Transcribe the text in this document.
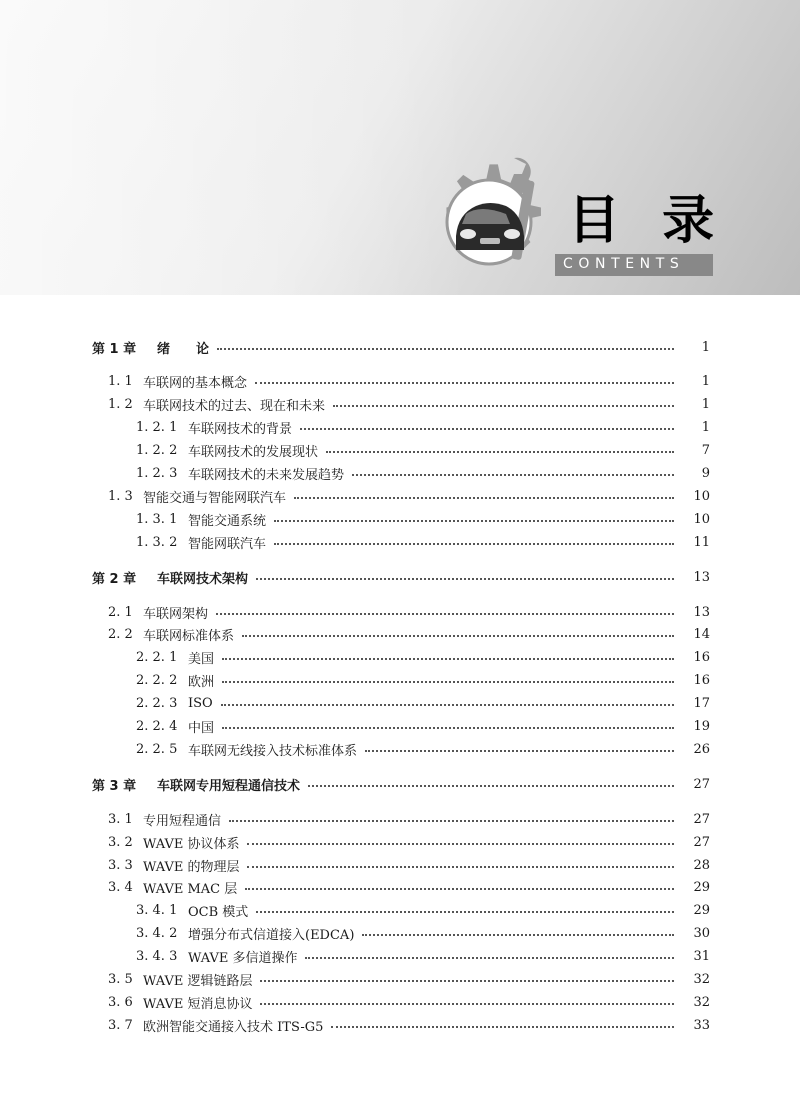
目 录
CONTENTS
第 1 章 绪　　论	1
1. 1 车联网的基本概念	1
1. 2 车联网技术的过去、现在和未来	1
1. 2. 1 车联网技术的背景	1
1. 2. 2 车联网技术的发展现状	7
1. 2. 3 车联网技术的未来发展趋势	9
1. 3 智能交通与智能网联汽车	10
1. 3. 1 智能交通系统	10
1. 3. 2 智能网联汽车	11
第 2 章 车联网技术架构	13
2. 1 车联网架构	13
2. 2 车联网标准体系	14
2. 2. 1 美国	16
2. 2. 2 欧洲	16
2. 2. 3 ISO	17
2. 2. 4 中国	19
2. 2. 5 车联网无线接入技术标准体系	26
第 3 章 车联网专用短程通信技术	27
3. 1 专用短程通信	27
3. 2 WAVE 协议体系	27
3. 3 WAVE 的物理层	28
3. 4 WAVE MAC 层	29
3. 4. 1 OCB 模式	29
3. 4. 2 增强分布式信道接入(EDCA)	30
3. 4. 3 WAVE 多信道操作	31
3. 5 WAVE 逻辑链路层	32
3. 6 WAVE 短消息协议	32
3. 7 欧洲智能交通接入技术 ITS-G5	33
